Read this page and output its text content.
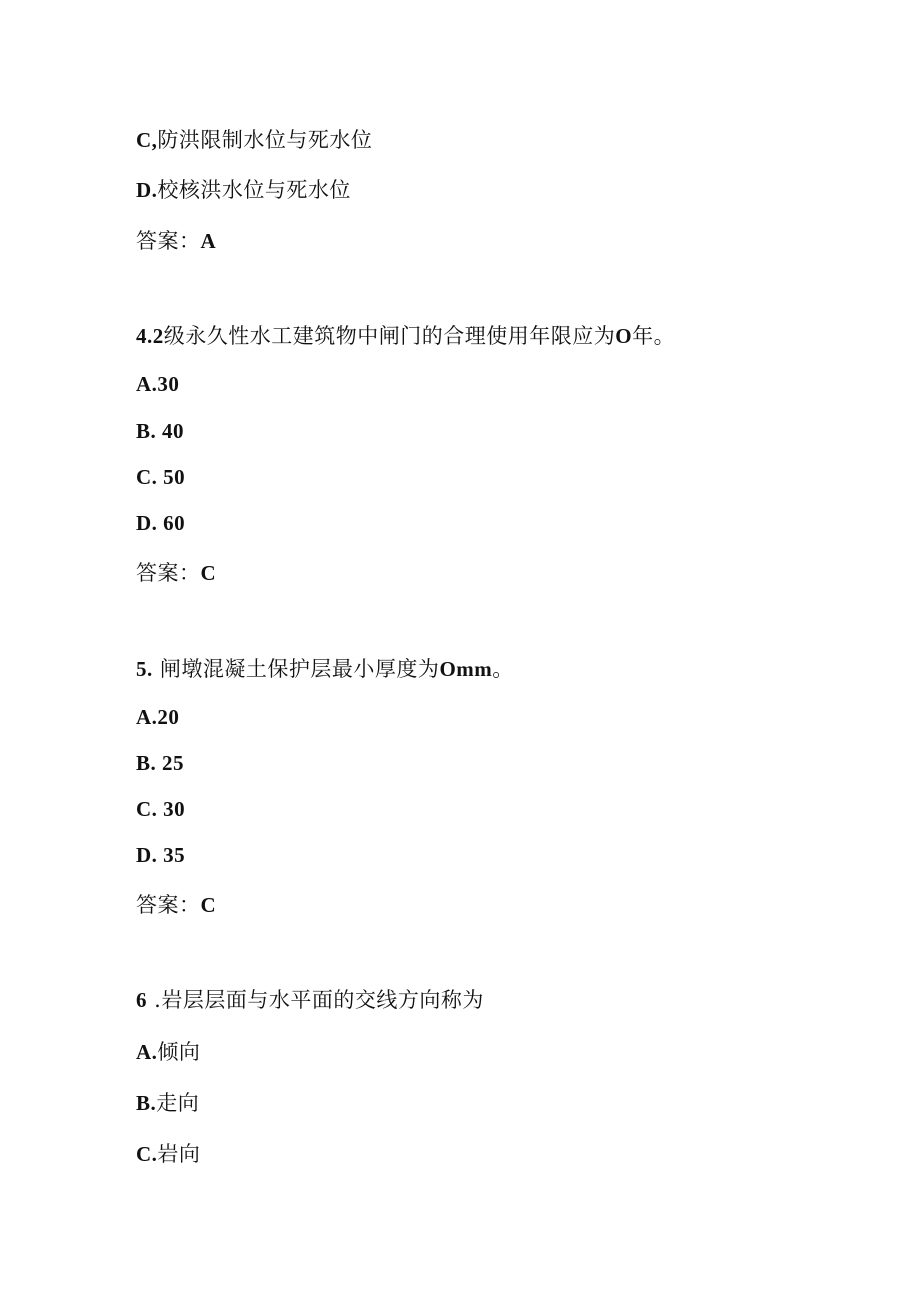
C,防洪限制水位与死水位
D.校核洪水位与死水位
答案：A
4.2级永久性水工建筑物中闸门的合理使用年限应为O年。
A.30
B. 40
C. 50
D. 60
答案：C
5. 闸墩混凝土保护层最小厚度为Omm。
A.20
B. 25
C. 30
D. 35
答案：C
6 .岩层层面与水平面的交线方向称为
A.倾向
B.走向
C.岩向
